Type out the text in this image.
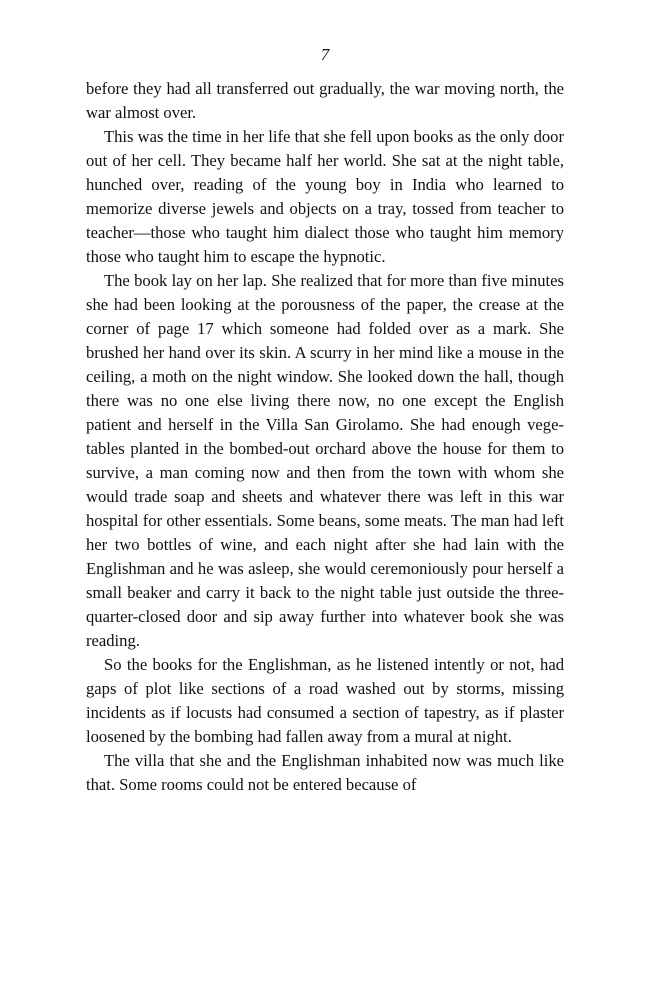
7

before they had all transferred out gradually, the war moving north, the war almost over.

This was the time in her life that she fell upon books as the only door out of her cell. They became half her world. She sat at the night table, hunched over, reading of the young boy in India who learned to memorize diverse jewels and objects on a tray, tossed from teacher to teacher—those who taught him dialect those who taught him memory those who taught him to escape the hypnotic.

The book lay on her lap. She realized that for more than five minutes she had been looking at the porousness of the paper, the crease at the corner of page 17 which someone had folded over as a mark. She brushed her hand over its skin. A scurry in her mind like a mouse in the ceiling, a moth on the night window. She looked down the hall, though there was no one else living there now, no one except the English patient and herself in the Villa San Girolamo. She had enough vegetables planted in the bombed-out orchard above the house for them to survive, a man coming now and then from the town with whom she would trade soap and sheets and whatever there was left in this war hospital for other essentials. Some beans, some meats. The man had left her two bottles of wine, and each night after she had lain with the Englishman and he was asleep, she would ceremoniously pour herself a small beaker and carry it back to the night table just outside the three-quarter-closed door and sip away further into whatever book she was reading.

So the books for the Englishman, as he listened intently or not, had gaps of plot like sections of a road washed out by storms, missing incidents as if locusts had consumed a section of tapestry, as if plaster loosened by the bombing had fallen away from a mural at night.

The villa that she and the Englishman inhabited now was much like that. Some rooms could not be entered because of
